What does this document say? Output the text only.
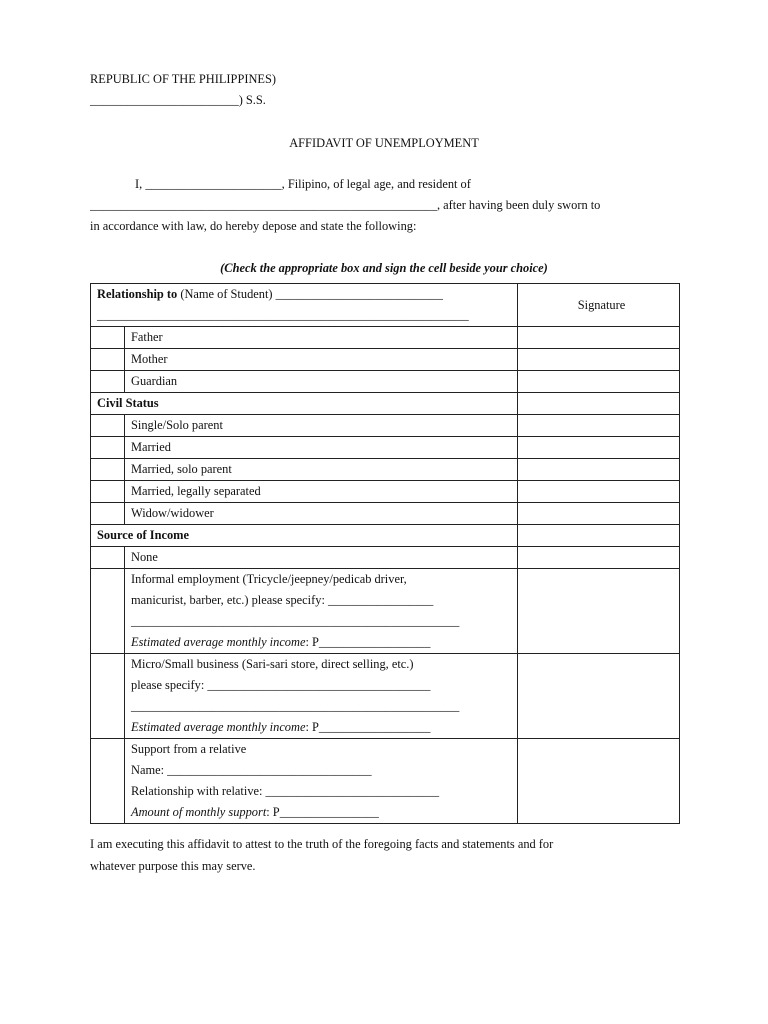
REPUBLIC OF THE PHILIPPINES)
________________________) S.S.
AFFIDAVIT OF UNEMPLOYMENT
I, ______________________, Filipino, of legal age, and resident of
________________________________________________________, after having been duly sworn to
in accordance with law, do hereby depose and state the following:
(Check the appropriate box and sign the cell beside your choice)
Relationship to (Name of Student) ___________________________
____________________________________________________________		Signature
	Father	
	Mother	
	Guardian	
Civil Status		
	Single/Solo parent	
	Married	
	Married, solo parent	
	Married, legally separated	
	Widow/widower	
Source of Income		
	None	

	Informal employment (Tricycle/jeepney/pedicab driver,
manicurist, barber, etc.) please specify: _________________
_____________________________________________________
Estimated average monthly income: P__________________	

	Micro/Small business (Sari-sari store, direct selling, etc.)
please specify: ____________________________________
_____________________________________________________
Estimated average monthly income: P__________________	

	Support from a relative
Name: _________________________________
Relationship with relative: ____________________________
Amount of monthly support: P________________	

I am executing this affidavit to attest to the truth of the foregoing facts and statements and for
whatever purpose this may serve.
